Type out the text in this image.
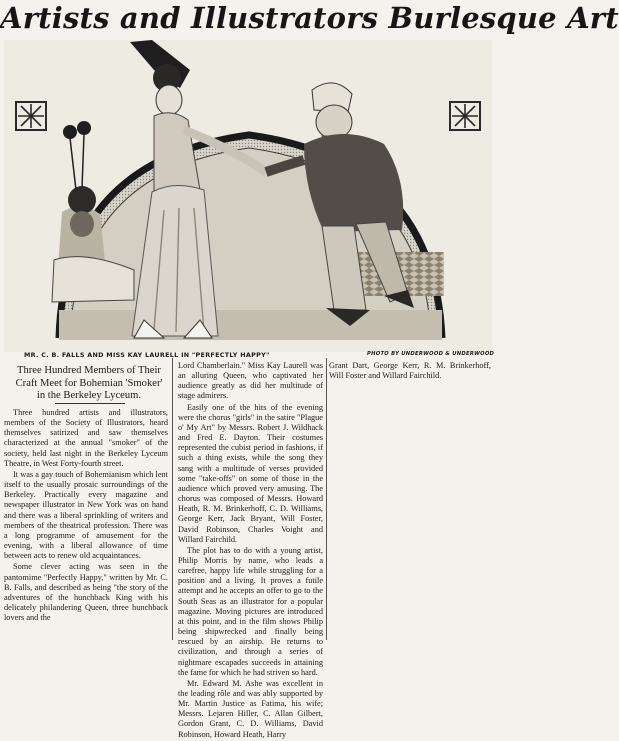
Artists and Illustrators Burlesque Art
MR. C. B. FALLS AND MISS KAY LAURELL IN "PERFECTLY HAPPY"	PHOTO BY UNDERWOOD & UNDERWOOD
Three Hundred Members of Their Craft Meet for Bohemian 'Smoker' in the Berkeley Lyceum.

Three hundred artists and illustrators, members of the Society of Illustrators, heard themselves satirized and saw themselves characterized at the annual "smoker" of the society, held last night in the Berkeley Lyceum Theatre, in West Forty-fourth street.

It was a gay touch of Bohemianism which lent itself to the usually prosaic surroundings of the Berkeley. Practically every magazine and newspaper illustrator in New York was on hand and there was a liberal sprinkling of writers and members of the theatrical profession. There was a long programme of amusement for the evening, with a liberal allowance of time between acts to renew old acquaintances.

Some clever acting was seen in the pantomime "Perfectly Happy," written by Mr. C. B. Falls, and described as being "the story of the adventures of the hunchback King with his delicately philandering Queen, three hunchback lovers and the

Lord Chamberlain." Miss Kay Laurell was an alluring Queen, who captivated her audience greatly as did her multitude of stage admirers.

Easily one of the hits of the evening were the chorus "girls" in the satire "Plague o' My Art" by Messrs. Robert J. Wildhack and Fred E. Dayton. Their costumes represented the cubist period in fashions, if such a thing exists, while the song they sang with a multitude of verses provided some "take-offs" on some of those in the audience which proved very amusing. The chorus was composed of Messrs. Howard Heath, R. M. Brinkerhoff, C. D. Williams, George Kerr, Jack Bryant, Will Foster, David Robinson, Charles Voight and Willard Fairchild.

The plot has to do with a young artist, Philip Morris by name, who leads a carefree, happy life while struggling for a position and a living. It proves a futile attempt and he accepts an offer to go to the South Seas as an illustrator for a popular magazine. Moving pictures are introduced at this point, and in the film shows Philip being shipwrecked and finally being rescued by an airship. He returns to civilization, and through a series of nightmare escapades succeeds in attaining the fame for which he had striven so hard.

Mr. Edward M. Ashe was excellent in the leading rôle and was ably supported by Mr. Martin Justice as Fatima, his wife; Messrs. Lejaren Hiller, C. Allan Gilbert, Gordon Grant, C. D. Williams, David Robinson, Howard Heath, Harry

Grant Dart, George Kerr, R. M. Brinkerhoff, Will Foster and Willard Fairchild.
